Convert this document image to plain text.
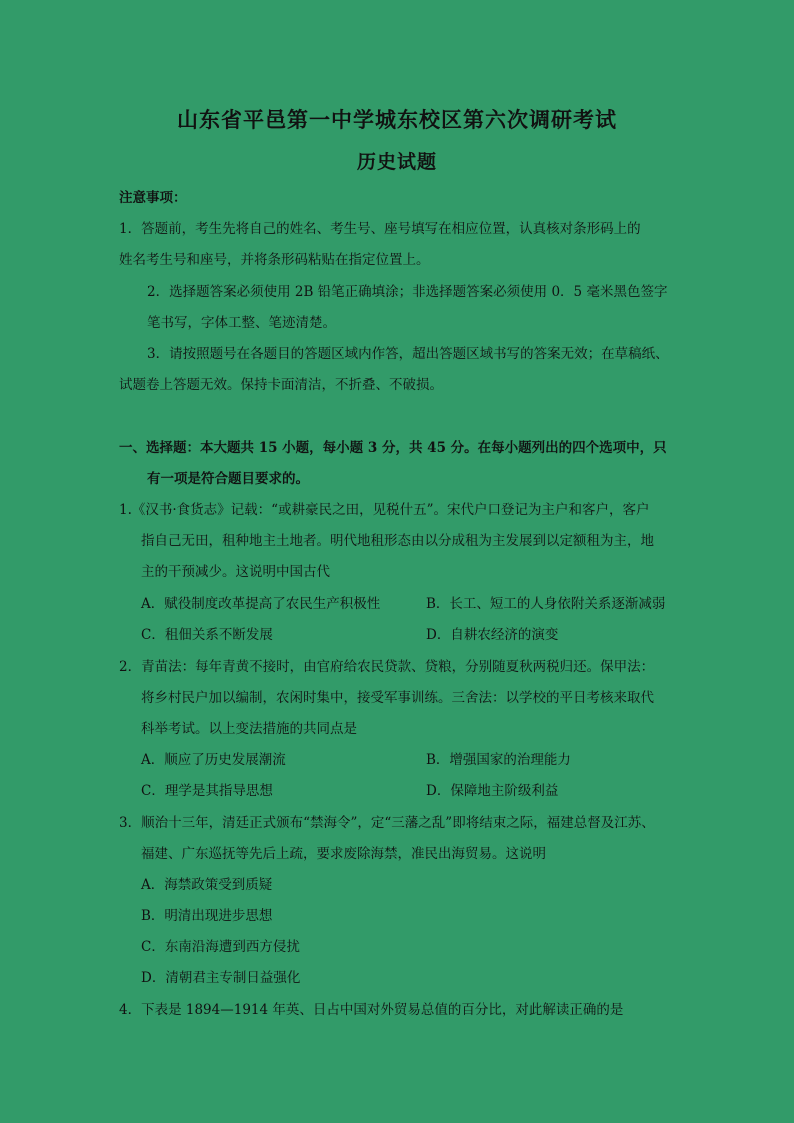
山东省平邑第一中学城东校区第六次调研考试
历史试题
注意事项：
1．答题前，考生先将自己的姓名、考生号、座号填写在相应位置，认真核对条形码上的
姓名考生号和座号，并将条形码粘贴在指定位置上。
2．选择题答案必须使用 2B 铅笔正确填涂；非选择题答案必须使用 0．5 毫米黑色签字
笔书写，字体工整、笔迹清楚。
3．请按照题号在各题目的答题区域内作答，超出答题区域书写的答案无效；在草稿纸、
试题卷上答题无效。保持卡面清洁，不折叠、不破损。
一、选择题：本大题共 15 小题，每小题 3 分，共 45 分。在每小题列出的四个选项中，只
有一项是符合题目要求的。
1.《汉书·食货志》记载：“或耕豪民之田，见税什五”。宋代户口登记为主户和客户，客户
指自己无田，租种地主土地者。明代地租形态由以分成租为主发展到以定额租为主，地
主的干预减少。这说明中国古代
A．赋役制度改革提高了农民生产积极性	B．长工、短工的人身依附关系逐渐减弱
C．租佃关系不断发展	D．自耕农经济的演变
2．青苗法：每年青黄不接时，由官府给农民贷款、贷粮，分别随夏秋两税归还。保甲法：
将乡村民户加以编制，农闲时集中，接受军事训练。三舍法：以学校的平日考核来取代
科举考试。以上变法措施的共同点是
A．顺应了历史发展潮流	B．增强国家的治理能力
C．理学是其指导思想	D．保障地主阶级利益
3．顺治十三年，清廷正式颁布“禁海令”，定“三藩之乱”即将结束之际，福建总督及江苏、
福建、广东巡抚等先后上疏，要求废除海禁，准民出海贸易。这说明
A．海禁政策受到质疑
B．明清出现进步思想
C．东南沿海遭到西方侵扰
D．清朝君主专制日益强化
4．下表是 1894—1914 年英、日占中国对外贸易总值的百分比，对此解读正确的是
